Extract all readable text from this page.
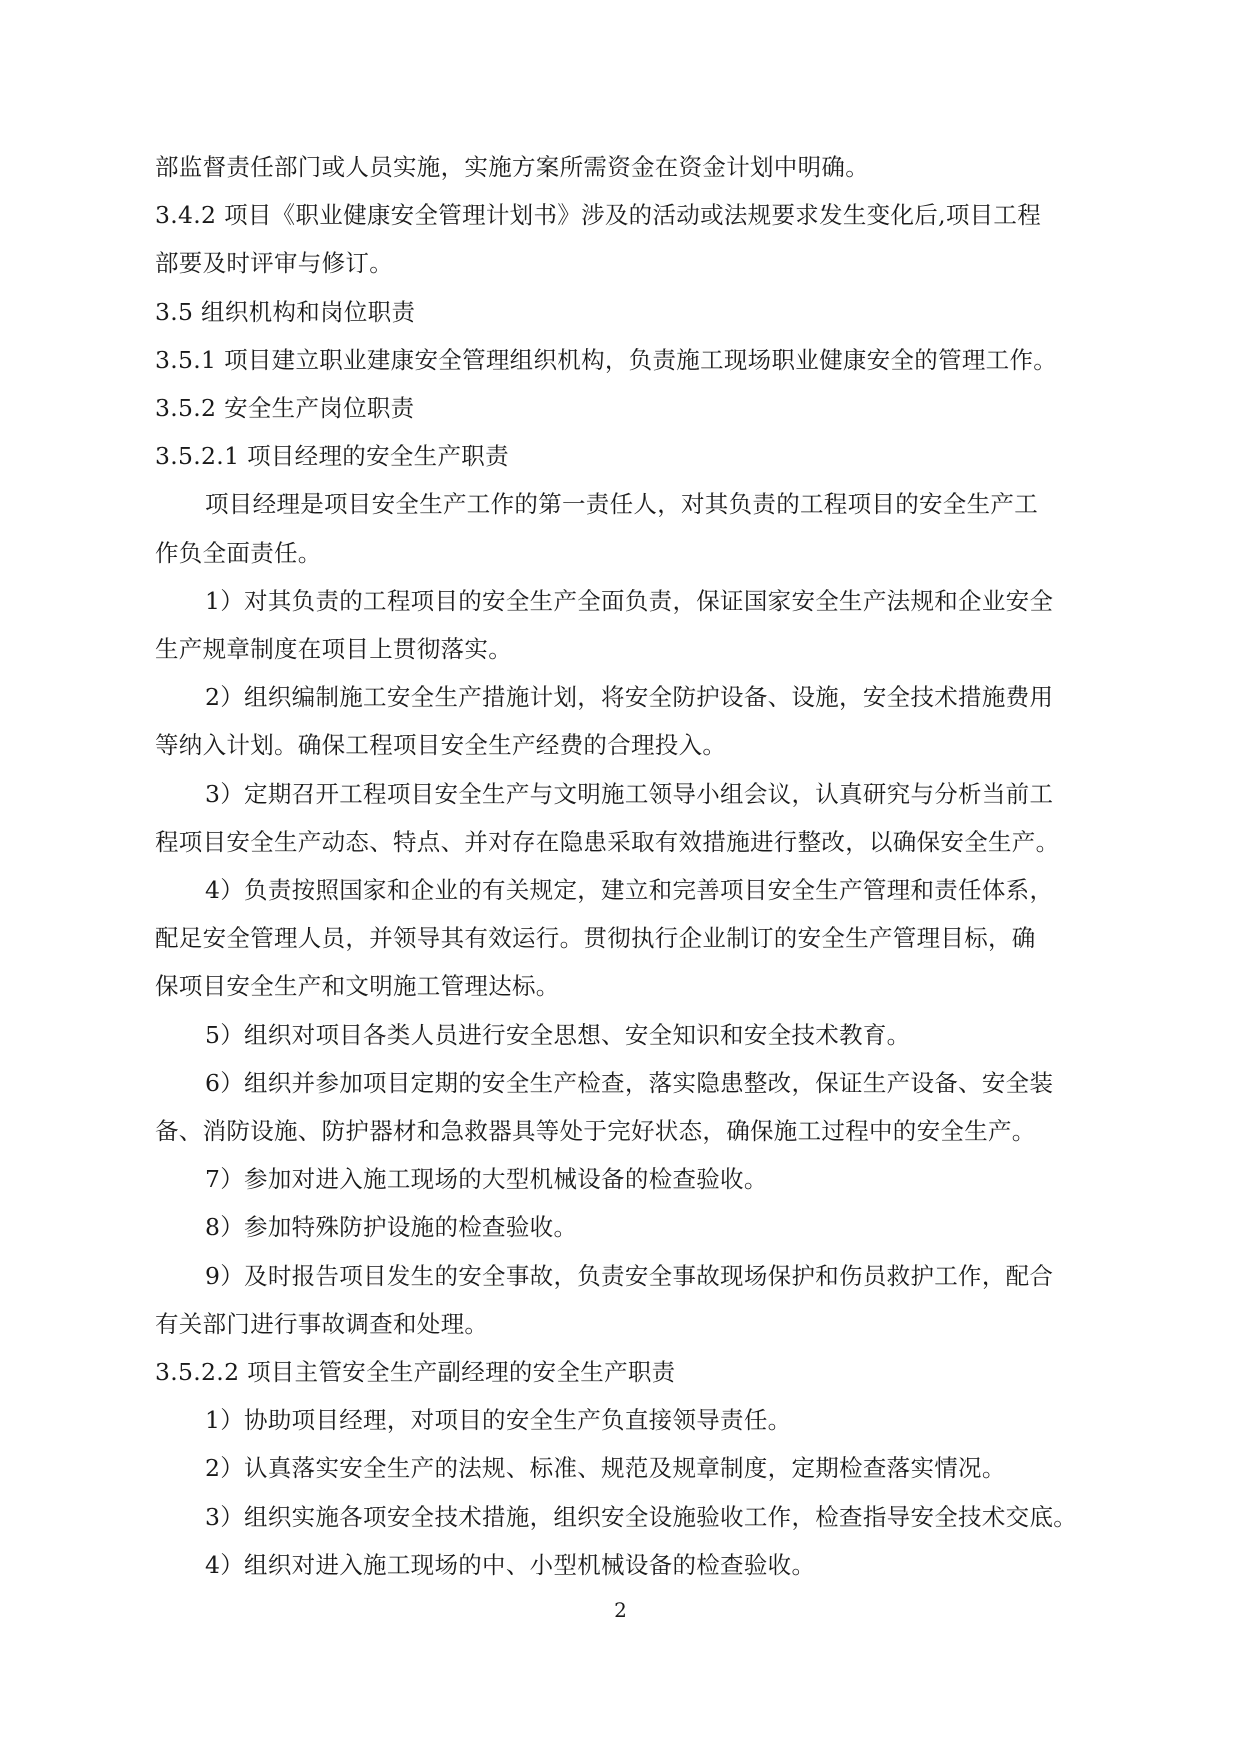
部监督责任部门或人员实施，实施方案所需资金在资金计划中明确。

3.4.2 项目《职业健康安全管理计划书》涉及的活动或法规要求发生变化后,项目工程

部要及时评审与修订。

3.5 组织机构和岗位职责

3.5.1 项目建立职业建康安全管理组织机构，负责施工现场职业健康安全的管理工作。

3.5.2 安全生产岗位职责

3.5.2.1 项目经理的安全生产职责

项目经理是项目安全生产工作的第一责任人，对其负责的工程项目的安全生产工

作负全面责任。

1）对其负责的工程项目的安全生产全面负责，保证国家安全生产法规和企业安全

生产规章制度在项目上贯彻落实。

2）组织编制施工安全生产措施计划，将安全防护设备、设施，安全技术措施费用

等纳入计划。确保工程项目安全生产经费的合理投入。

3）定期召开工程项目安全生产与文明施工领导小组会议，认真研究与分析当前工

程项目安全生产动态、特点、并对存在隐患采取有效措施进行整改，以确保安全生产。

4）负责按照国家和企业的有关规定，建立和完善项目安全生产管理和责任体系，

配足安全管理人员，并领导其有效运行。贯彻执行企业制订的安全生产管理目标，确

保项目安全生产和文明施工管理达标。

5）组织对项目各类人员进行安全思想、安全知识和安全技术教育。

6）组织并参加项目定期的安全生产检查，落实隐患整改，保证生产设备、安全装

备、消防设施、防护器材和急救器具等处于完好状态，确保施工过程中的安全生产。

7）参加对进入施工现场的大型机械设备的检查验收。

8）参加特殊防护设施的检查验收。

9）及时报告项目发生的安全事故，负责安全事故现场保护和伤员救护工作，配合

有关部门进行事故调查和处理。

3.5.2.2 项目主管安全生产副经理的安全生产职责

1）协助项目经理，对项目的安全生产负直接领导责任。

2）认真落实安全生产的法规、标准、规范及规章制度，定期检查落实情况。

3）组织实施各项安全技术措施，组织安全设施验收工作，检查指导安全技术交底。

4）组织对进入施工现场的中、小型机械设备的检查验收。

2
